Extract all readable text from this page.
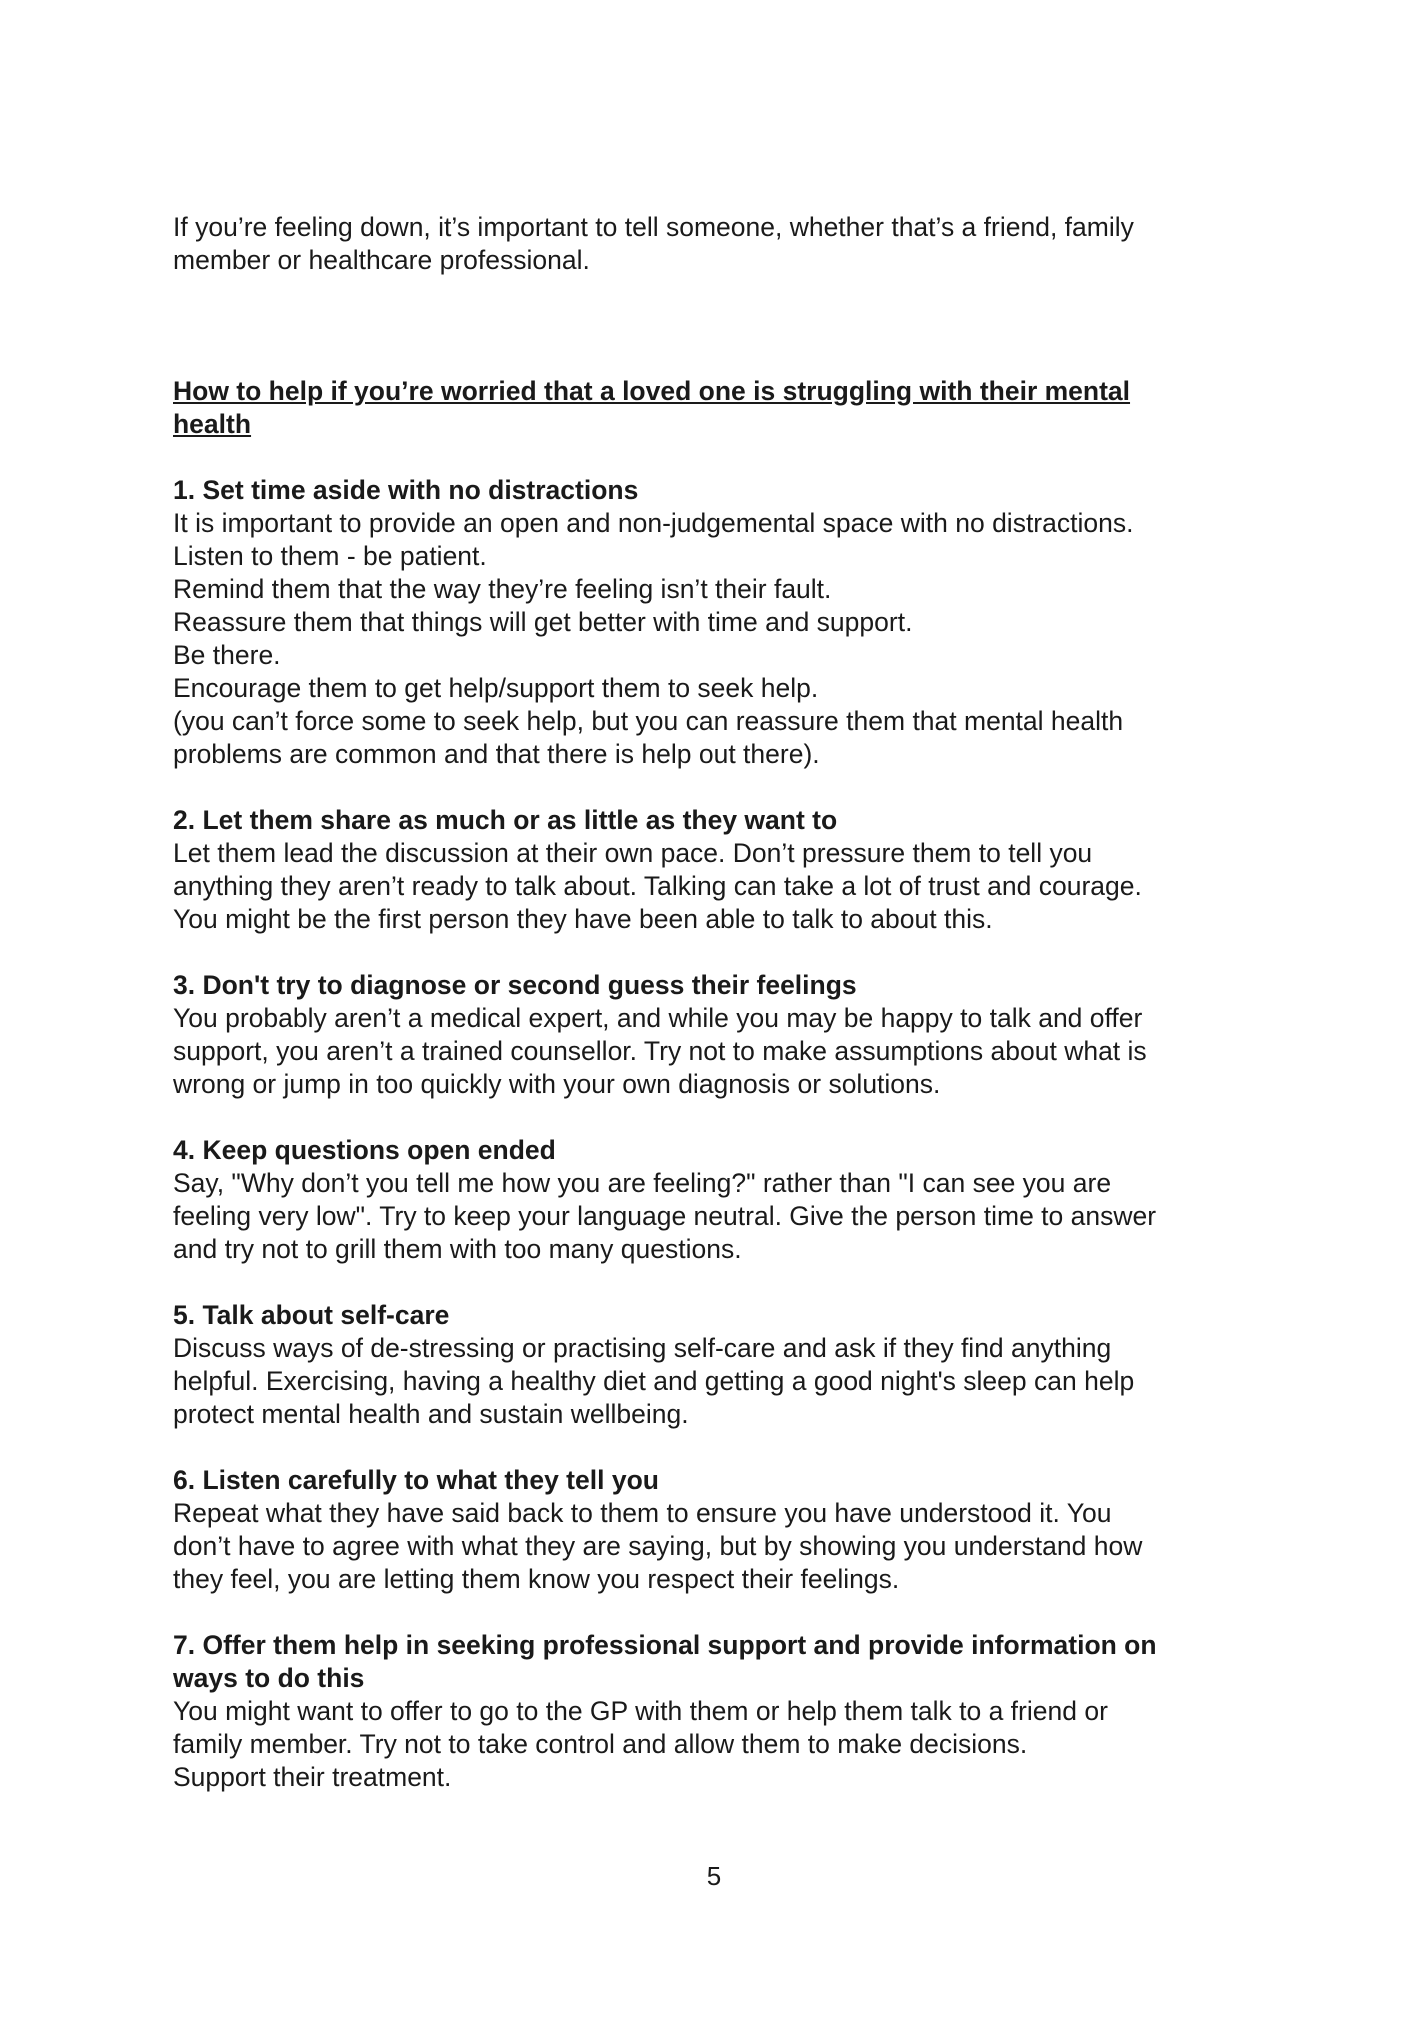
If you’re feeling down, it’s important to tell someone, whether that’s a friend, family
member or healthcare professional.
How to help if you’re worried that a loved one is struggling with their mental
health
1. Set time aside with no distractions
It is important to provide an open and non-judgemental space with no distractions.
Listen to them - be patient.
Remind them that the way they’re feeling isn’t their fault.
Reassure them that things will get better with time and support.
Be there.
Encourage them to get help/support them to seek help.
(you can’t force some to seek help, but you can reassure them that mental health
problems are common and that there is help out there).
2. Let them share as much or as little as they want to
Let them lead the discussion at their own pace. Don’t pressure them to tell you
anything they aren’t ready to talk about. Talking can take a lot of trust and courage.
You might be the first person they have been able to talk to about this.
3. Don't try to diagnose or second guess their feelings
You probably aren’t a medical expert, and while you may be happy to talk and offer
support, you aren’t a trained counsellor. Try not to make assumptions about what is
wrong or jump in too quickly with your own diagnosis or solutions.
4. Keep questions open ended
Say, "Why don’t you tell me how you are feeling?" rather than "I can see you are
feeling very low". Try to keep your language neutral. Give the person time to answer
and try not to grill them with too many questions.
5. Talk about self-care
Discuss ways of de-stressing or practising self-care and ask if they find anything
helpful. Exercising, having a healthy diet and getting a good night's sleep can help
protect mental health and sustain wellbeing.
6. Listen carefully to what they tell you
Repeat what they have said back to them to ensure you have understood it. You
don’t have to agree with what they are saying, but by showing you understand how
they feel, you are letting them know you respect their feelings.
7. Offer them help in seeking professional support and provide information on
ways to do this
You might want to offer to go to the GP with them or help them talk to a friend or
family member. Try not to take control and allow them to make decisions.
Support their treatment.
5
